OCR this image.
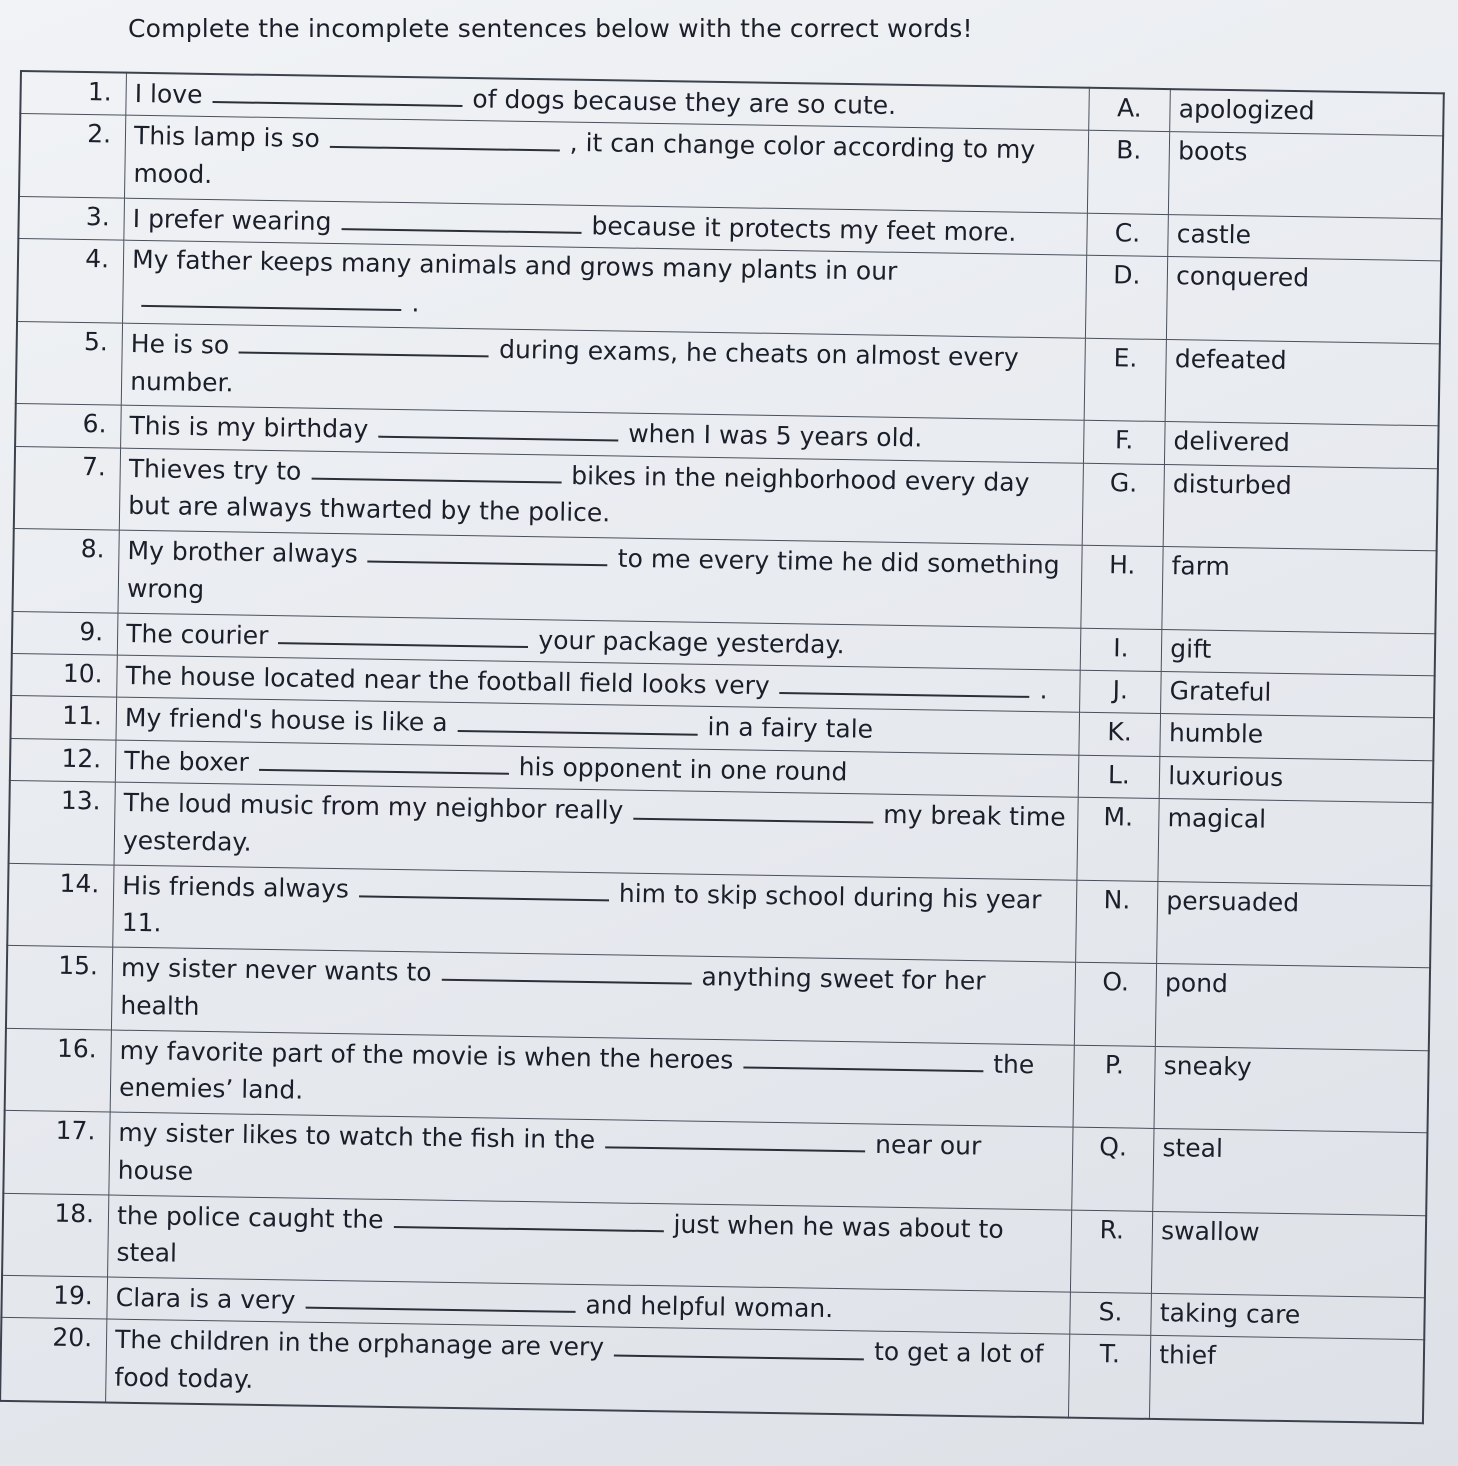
Complete the incomplete sentences below with the correct words!
1.	I love of dogs because they are so cute.	A.	apologized
2.	This lamp is so , it can change color according to my mood.	B.	boots
3.	I prefer wearing because it protects my feet more.	C.	castle
4.	My father keeps many animals and grows many plants in our.	D.	conquered
5.	He is so during exams, he cheats on almost every number.	E.	defeated
6.	This is my birthday when I was 5 years old.	F.	delivered
7.	Thieves try to bikes in the neighborhood every day but are always thwarted by the police.	G.	disturbed
8.	My brother always to me every time he did something wrong	H.	farm
9.	The courier your package yesterday.	I.	gift
10.	The house located near the football field looks very .	J.	Grateful
11.	My friend's house is like a in a fairy tale	K.	humble
12.	The boxer his opponent in one round	L.	luxurious
13.	The loud music from my neighbor really my break time yesterday.	M.	magical
14.	His friends always him to skip school during his year 11.	N.	persuaded
15.	my sister never wants to anything sweet for her health	O.	pond
16.	my favorite part of the movie is when the heroes the enemies’ land.	P.	sneaky
17.	my sister likes to watch the fish in the near our house	Q.	steal
18.	the police caught the just when he was about to steal	R.	swallow
19.	Clara is a very and helpful woman.	S.	taking care
20.	The children in the orphanage are very to get a lot of food today.	T.	thief
